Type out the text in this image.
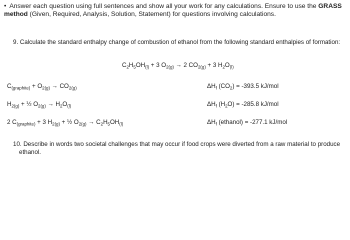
• Answer each question using full sentences and show all your work for any calculations. Ensure to use the GRASS method (Given, Required, Analysis, Solution, Statement) for questions involving calculations.
9. Calculate the standard enthalpy change of combustion of ethanol from the following standard enthalpies of formation:
$C_2H_5OH_{(l)} + 3$ $O_{2(g)} \to 2$ $CO_{2(g)} + 3$ $H_2O_{(l)}$
$C_{(graphite)} + O_{2(g)} \to CO_{2(g)}$
$H_{2(g)}$ + ½ $O_{2(g)} \to H_2O_{(l)}$
2 $C_{(graphite)} + 3$ $H_{2(g)}$ + ½ $O_{2(g)} \to C_2H_5OH_{(l)}$
$\Delta H_f$ $(CO_2) = -393.5$ kJ/mol
$\Delta H_f$ $(H_2O) = -285.8$ kJ/mol
$\Delta H_f$ (ethanol) = -277.1 kJ/mol
10. Describe in words two societal challenges that may occur if food crops were diverted from a raw material to produce
ethanol.
